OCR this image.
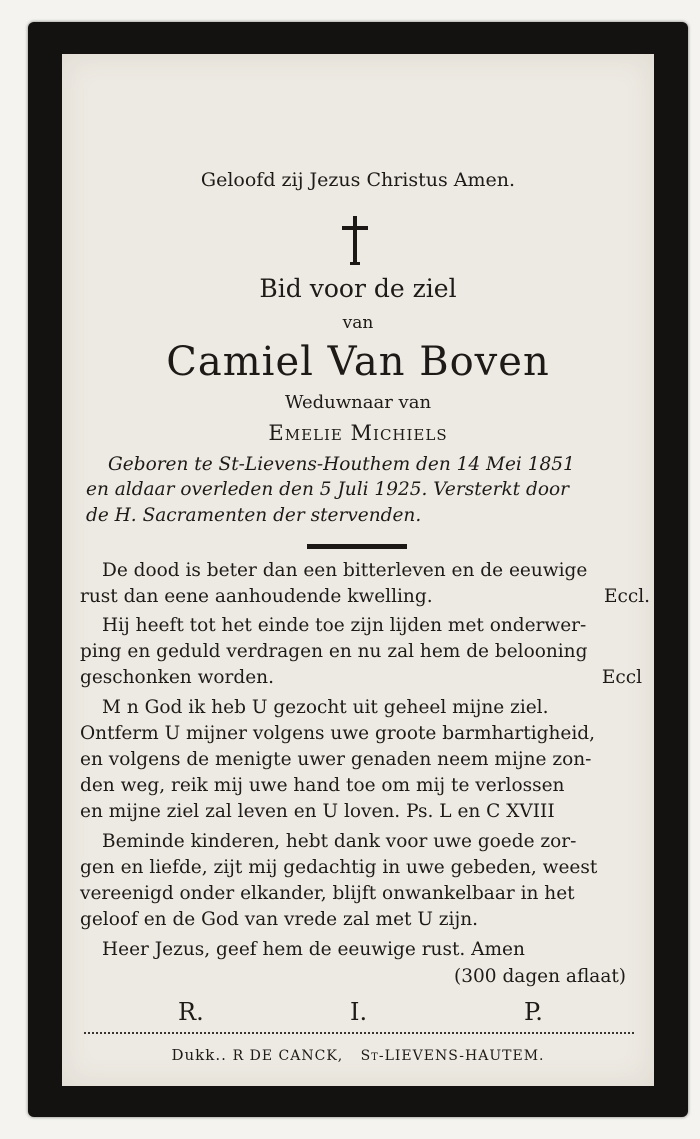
Geloofd zij Jezus Christus Amen.
Bid voor de ziel
van
Camiel Van Boven
Weduwnaar van
Emelie Michiels
Geboren te St-Lievens-Houthem den 14 Mei 1851
en aldaar overleden den 5 Juli 1925. Versterkt door
de H. Sacramenten der stervenden.
De dood is beter dan een bitterleven en de eeuwige
rust dan eene aanhoudende kwelling.	Eccl.
Hij heeft tot het einde toe zijn lijden met onderwer-
ping en geduld verdragen en nu zal hem de belooning
geschonken worden.	Eccl
M n God ik heb U gezocht uit geheel mijne ziel.
Ontferm U mijner volgens uwe groote barmhartigheid,
en volgens de menigte uwer genaden neem mijne zon-
den weg, reik mij uwe hand toe om mij te verlossen
en mijne ziel zal leven en U loven. Ps. L en C XVIII
Beminde kinderen, hebt dank voor uwe goede zor-
gen en liefde, zijt mij gedachtig in uwe gebeden, weest
vereenigd onder elkander, blijft onwankelbaar in het
geloof en de God van vrede zal met U zijn.
Heer Jezus, geef hem de eeuwige rust. Amen
(300 dagen aflaat)
R.	I.	P.
Dukk.. R DE CANCK, St-LIEVENS-HAUTEM.
